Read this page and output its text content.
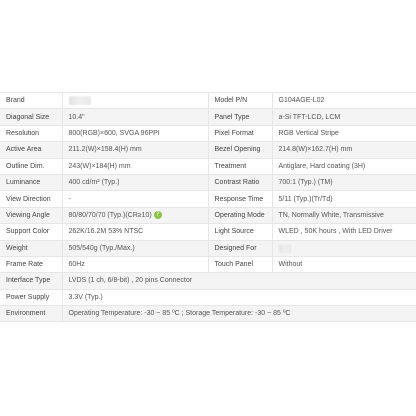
Brand		Model P/N	G104AGE-L02
Diagonal Size	10.4"	Panel Type	a-Si TFT-LCD, LCM
Resolution	800(RGB)×600, SVGA 96PPI	Pixel Format	RGB Vertical Stripe
Active Area	211.2(W)×158.4(H) mm	Bezel Opening	214.8(W)×162.7(H) mm
Outline Dim.	243(W)×184(H) mm	Treatment	Antiglare, Hard coating (3H)
Luminance	400 cd/m² (Typ.)	Contrast Ratio	700:1 (Typ.) (TM)
View Direction	-	Response Time	5/11 (Typ.)(Tr/Td)
Viewing Angle	80/80/70/70 (Typ.)(CR≥10) ?	Operating Mode	TN, Normally White, Transmissive
Support Color	262K/16.2M 53% NTSC	Light Source	WLED , 50K hours , With LED Driver
Weight	505/540g (Typ./Max.)	Designed For	
Frame Rate	60Hz	Touch Panel	Without
Interface Type	LVDS (1 ch, 6/8-bit) , 20 pins Connector		
Power Supply	3.3V (Typ.)		
Environment	Operating Temperature: -30 ~ 85 ºC ; Storage Temperature: -30 ~ 85 ºC		
